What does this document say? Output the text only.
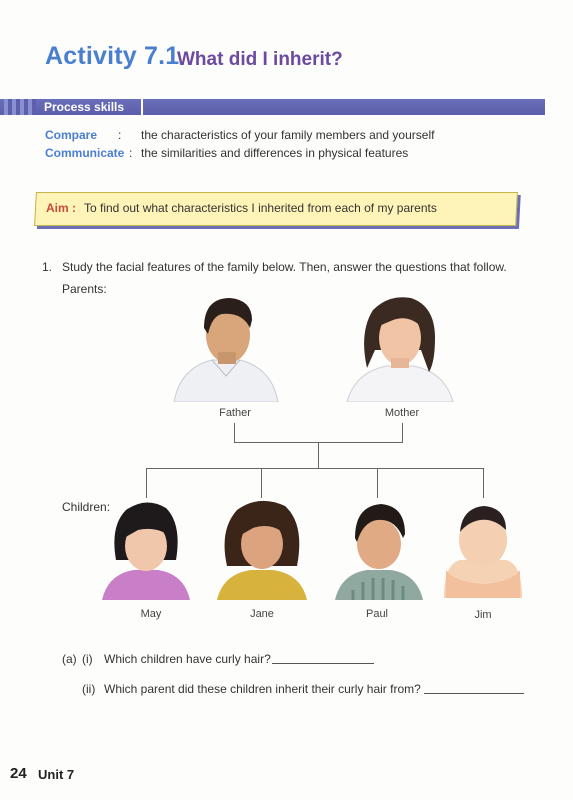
Activity 7.1
What did I inherit?
Process skills
Compare : the characteristics of your family members and yourself
Communicate : the similarities and differences in physical features
Aim : To find out what characteristics I inherited from each of my parents
1. Study the facial features of the family below. Then, answer the questions that follow.
Parents:
Children:
Father	Mother
May	Jane	Paul	Jim
(a) (i) Which children have curly hair?
(ii) Which parent did these children inherit their curly hair from?
24 Unit 7
